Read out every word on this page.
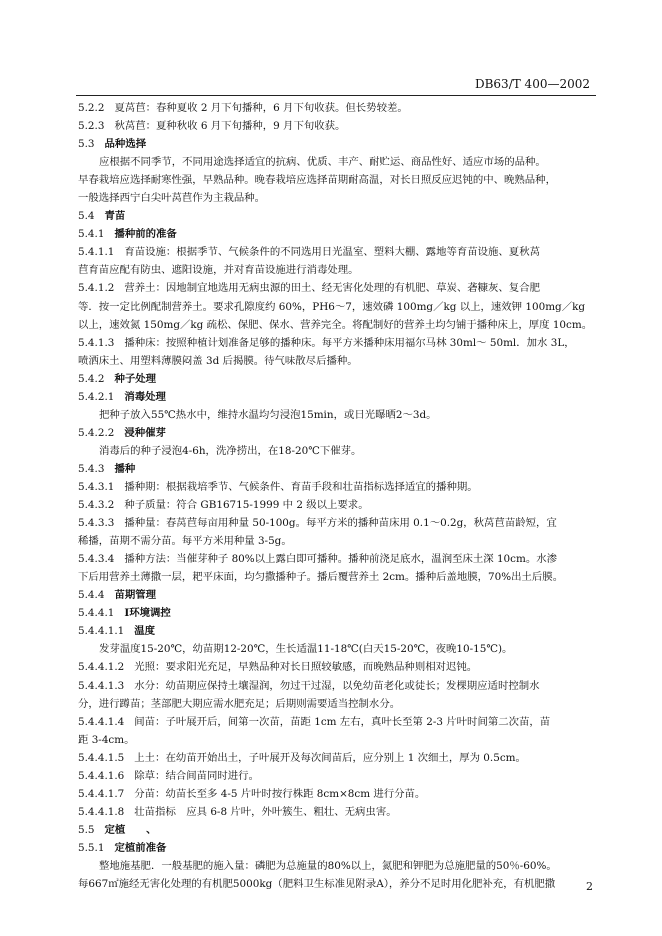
DB63/T 400—2002
5.2.2 夏莴苣：春种夏收 2 月下旬播种，6 月下旬收获。但长势较差。
5.2.3 秋莴苣：夏种秋收 6 月下旬播种，9 月下旬收获。
5.3 品种选择
应根据不同季节，不同用途选择适宜的抗病、优质、丰产、耐贮运、商品性好、适应市场的品种。
早春栽培应选择耐寒性强，早熟品种。晚春栽培应选择苗期耐高温，对长日照反应迟钝的中、晚熟品种，
一般选择西宁白尖叶莴苣作为主栽品种。
5.4 青苗
5.4.1 播种前的准备
5.4.1.1 育苗设施：根据季节、气候条件的不同选用日光温室、塑料大棚、露地等育苗设施、夏秋莴
苣育苗应配有防虫、遮阳设施，并对育苗设施进行消毒处理。
5.4.1.2 营养土：因地制宜地选用无病虫源的田土、经无害化处理的有机肥、草炭、砻糠灰、复合肥
等．按一定比例配制营养土。要求孔隙度约 60%，PH6～7，速效磷 100mg／kg 以上，速效钾 100mg／kg
以上，速效氮 150mg／kg 疏松、保肥、保水、营养完全。将配制好的营养土均匀铺于播种床上，厚度 10cm。
5.4.1.3 播种床：按照种植计划准备足够的播种床。每平方米播种床用福尔马林 30ml～ 50ml．加水 3L，
喷洒床土、用塑料薄膜闷盖 3d 后揭膜。待气味散尽后播种。
5.4.2 种子处理
5.4.2.1 消毒处理
把种子放入55℃热水中，维持水温均匀浸泡15min，或日光曝晒2～3d。
5.4.2.2 浸种催芽
消毒后的种子浸泡4-6h，洗净捞出，在18-20℃下催芽。
5.4.3 播种
5.4.3.1 播种期：根据栽培季节、气候条件、育苗手段和壮苗指标选择适宜的播种期。
5.4.3.2 种子质量：符合 GB16715-1999 中 2 级以上要求。
5.4.3.3 播种量：春莴苣每亩用种量 50-100g。每平方米的播种苗床用 0.1～0.2g，秋莴苣苗龄短，宜
稀播，苗期不需分苗。每平方米用种量 3-5g。
5.4.3.4 播种方法：当催芽种子 80%以上露白即可播种。播种前浇足底水，温润至床土深 10cm。水渗
下后用营养土薄撒一层，耙平床面，均匀撒播种子。播后覆营养土 2cm。播种后盖地膜，70%出土后膜。
5.4.4 苗期管理
5.4.4.1 Ⅰ环境调控
5.4.4.1.1 温度
发芽温度15-20℃，幼苗期12-20℃，生长适温11-18℃(白天15-20℃，夜晚10-15℃)。
5.4.4.1.2 光照：要求阳光充足，早熟品种对长日照较敏感，而晚熟品种则相对迟钝。
5.4.4.1.3 水分：幼苗期应保持土壤湿润，勿过干过湿，以免幼苗老化或徒长；发棵期应适时控制水
分，进行蹲苗；茎部肥大期应需水肥充足；后期则需要适当控制水分。
5.4.4.1.4 间苗：子叶展开后，间第一次苗，苗距 1cm 左右，真叶长至第 2-3 片叶时间第二次苗，苗
距 3-4cm。
5.4.4.1.5 上土：在幼苗开始出土，子叶展开及每次间苗后，应分别上 1 次细土，厚为 0.5cm。
5.4.4.1.6 除草：结合间苗同时进行。
5.4.4.1.7 分苗：幼苗长至多 4-5 片叶时按行株距 8cm×8cm 进行分苗。
5.4.4.1.8 壮苗指标　应具 6-8 片叶，外叶簇生、粗壮、无病虫害。
5.5 定植　　、
5.5.1 定植前准备
整地施基肥．一般基肥的施入量：磷肥为总施量的80%以上，氮肥和钾肥为总施肥量的50％-60%。
每667㎡施经无害化处理的有机肥5000kg（肥料卫生标准见附录A），养分不足时用化肥补充，有机肥撒	2
